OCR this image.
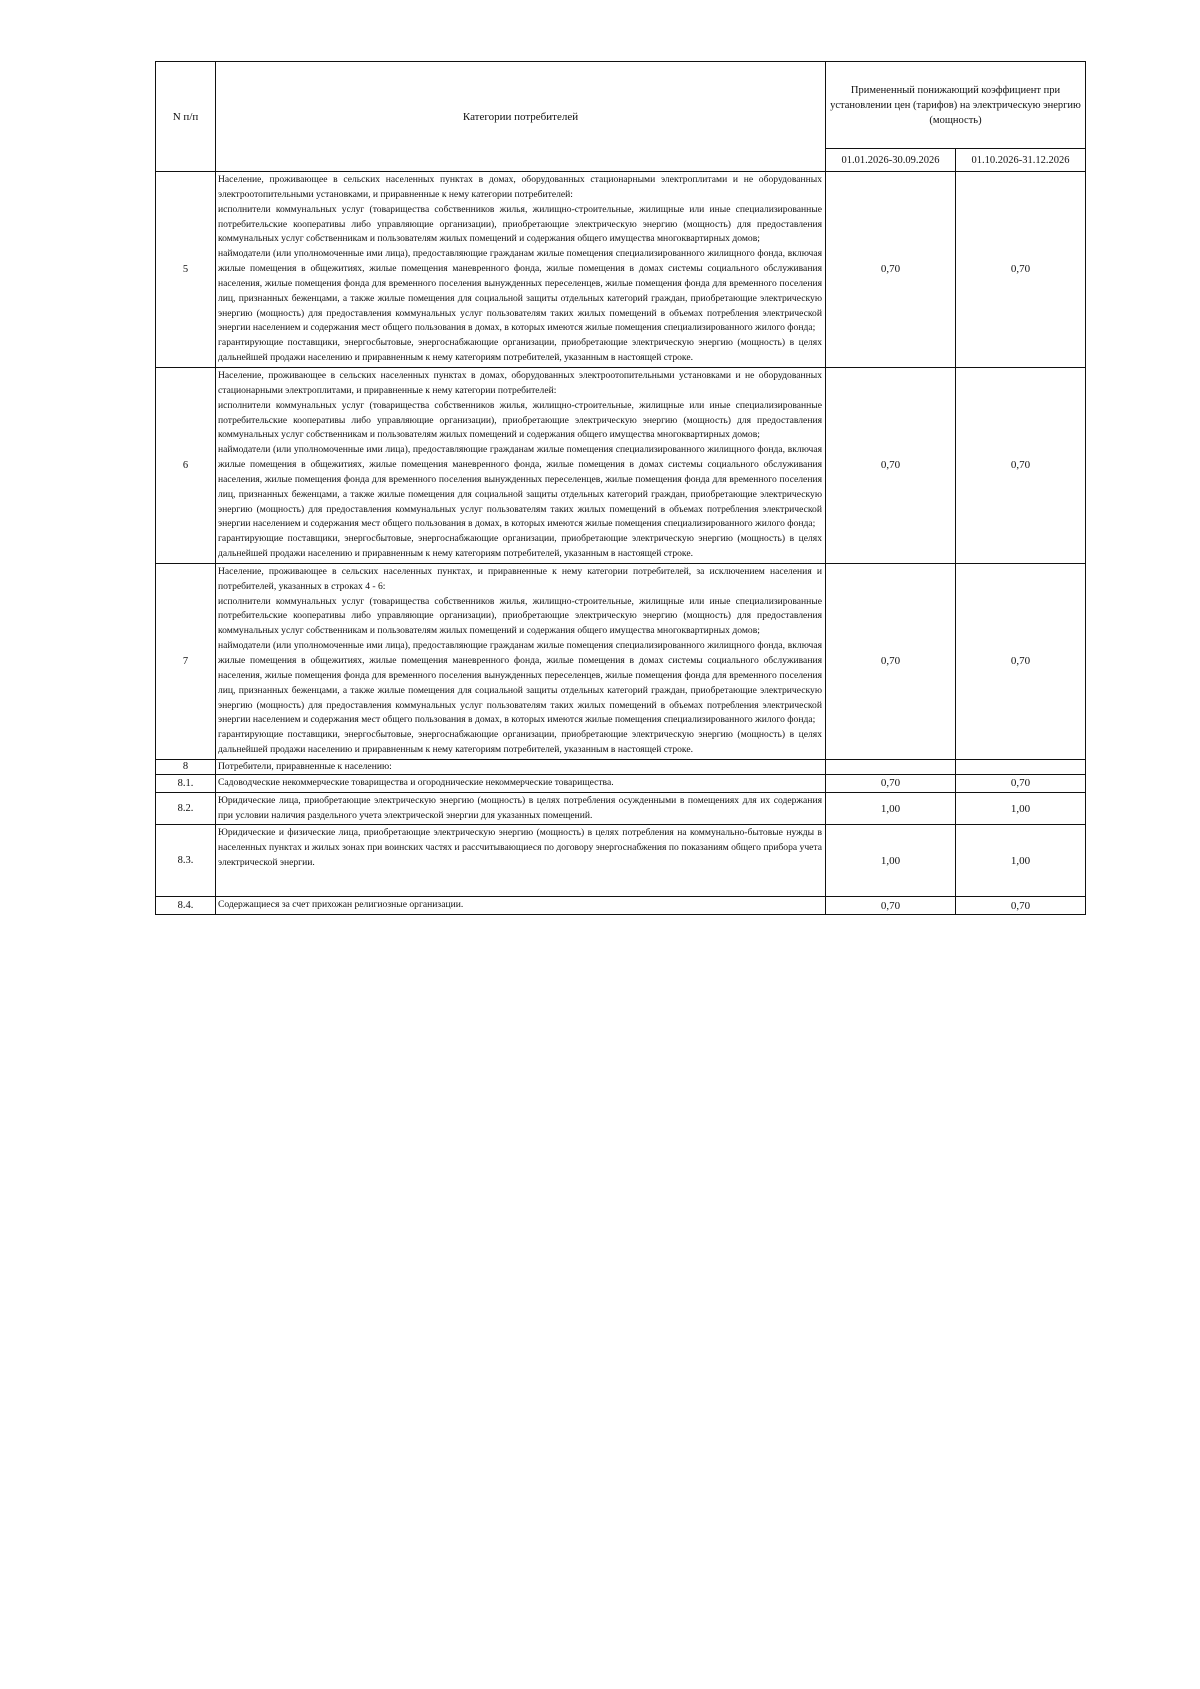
N п/п	Категории потребителей	Примененный понижающий коэффициент при установлении цен (тарифов) на электрическую энергию (мощность)	
		01.01.2026-30.09.2026	01.10.2026-31.12.2026
5	Население, проживающее в сельских населенных пунктах в домах, оборудованных стационарными электроплитами и не оборудованных электроотопительными установками, и приравненные к нему категории потребителей:

исполнители коммунальных услуг (товарищества собственников жилья, жилищно-строительные, жилищные или иные специализированные потребительские кооперативы либо управляющие организации), приобретающие электрическую энергию (мощность) для предоставления коммунальных услуг собственникам и пользователям жилых помещений и содержания общего имущества многоквартирных домов;

наймодатели (или уполномоченные ими лица), предоставляющие гражданам жилые помещения специализированного жилищного фонда, включая жилые помещения в общежитиях, жилые помещения маневренного фонда, жилые помещения в домах системы социального обслуживания населения, жилые помещения фонда для временного поселения вынужденных переселенцев, жилые помещения фонда для временного поселения лиц, признанных беженцами, а также жилые помещения для социальной защиты отдельных категорий граждан, приобретающие электрическую энергию (мощность) для предоставления коммунальных услуг пользователям таких жилых помещений в объемах потребления электрической энергии населением и содержания мест общего пользования в домах, в которых имеются жилые помещения специализированного жилого фонда;

гарантирующие поставщики, энергосбытовые, энергоснабжающие организации, приобретающие электрическую энергию (мощность) в целях дальнейшей продажи населению и приравненным к нему категориям потребителей, указанным в настоящей строке.	0,70	0,70
6	Население, проживающее в сельских населенных пунктах в домах, оборудованных электроотопительными установками и не оборудованных стационарными электроплитами, и приравненные к нему категории потребителей:

исполнители коммунальных услуг (товарищества собственников жилья, жилищно-строительные, жилищные или иные специализированные потребительские кооперативы либо управляющие организации), приобретающие электрическую энергию (мощность) для предоставления коммунальных услуг собственникам и пользователям жилых помещений и содержания общего имущества многоквартирных домов;

наймодатели (или уполномоченные ими лица), предоставляющие гражданам жилые помещения специализированного жилищного фонда, включая жилые помещения в общежитиях, жилые помещения маневренного фонда, жилые помещения в домах системы социального обслуживания населения, жилые помещения фонда для временного поселения вынужденных переселенцев, жилые помещения фонда для временного поселения лиц, признанных беженцами, а также жилые помещения для социальной защиты отдельных категорий граждан, приобретающие электрическую энергию (мощность) для предоставления коммунальных услуг пользователям таких жилых помещений в объемах потребления электрической энергии населением и содержания мест общего пользования в домах, в которых имеются жилые помещения специализированного жилого фонда;

гарантирующие поставщики, энергосбытовые, энергоснабжающие организации, приобретающие электрическую энергию (мощность) в целях дальнейшей продажи населению и приравненным к нему категориям потребителей, указанным в настоящей строке.	0,70	0,70
7	Население, проживающее в сельских населенных пунктах, и приравненные к нему категории потребителей, за исключением населения и потребителей, указанных в строках 4 - 6:

исполнители коммунальных услуг (товарищества собственников жилья, жилищно-строительные, жилищные или иные специализированные потребительские кооперативы либо управляющие организации), приобретающие электрическую энергию (мощность) для предоставления коммунальных услуг собственникам и пользователям жилых помещений и содержания общего имущества многоквартирных домов;

наймодатели (или уполномоченные ими лица), предоставляющие гражданам жилые помещения специализированного жилищного фонда, включая жилые помещения в общежитиях, жилые помещения маневренного фонда, жилые помещения в домах системы социального обслуживания населения, жилые помещения фонда для временного поселения вынужденных переселенцев, жилые помещения фонда для временного поселения лиц, признанных беженцами, а также жилые помещения для социальной защиты отдельных категорий граждан, приобретающие электрическую энергию (мощность) для предоставления коммунальных услуг пользователям таких жилых помещений в объемах потребления электрической энергии населением и содержания мест общего пользования в домах, в которых имеются жилые помещения специализированного жилого фонда;

гарантирующие поставщики, энергосбытовые, энергоснабжающие организации, приобретающие электрическую энергию (мощность) в целях дальнейшей продажи населению и приравненным к нему категориям потребителей, указанным в настоящей строке.	0,70	0,70
8	Потребители, приравненные к населению:		

8.1.	Садоводческие некоммерческие товарищества и огороднические некоммерческие товарищества.	0,70	0,70
8.2.	Юридические лица, приобретающие электрическую энергию (мощность) в целях потребления осужденными в помещениях для их содержания при условии наличия раздельного учета электрической энергии для указанных помещений.	1,00	1,00
8.3.	Юридические и физические лица, приобретающие электрическую энергию (мощность) в целях потребления на коммунально-бытовые нужды в населенных пунктах и жилых зонах при воинских частях и рассчитывающиеся по договору энергоснабжения по показаниям общего прибора учета электрической энергии.	1,00	1,00
8.4.	Содержащиеся за счет прихожан религиозные организации.	0,70	0,70
